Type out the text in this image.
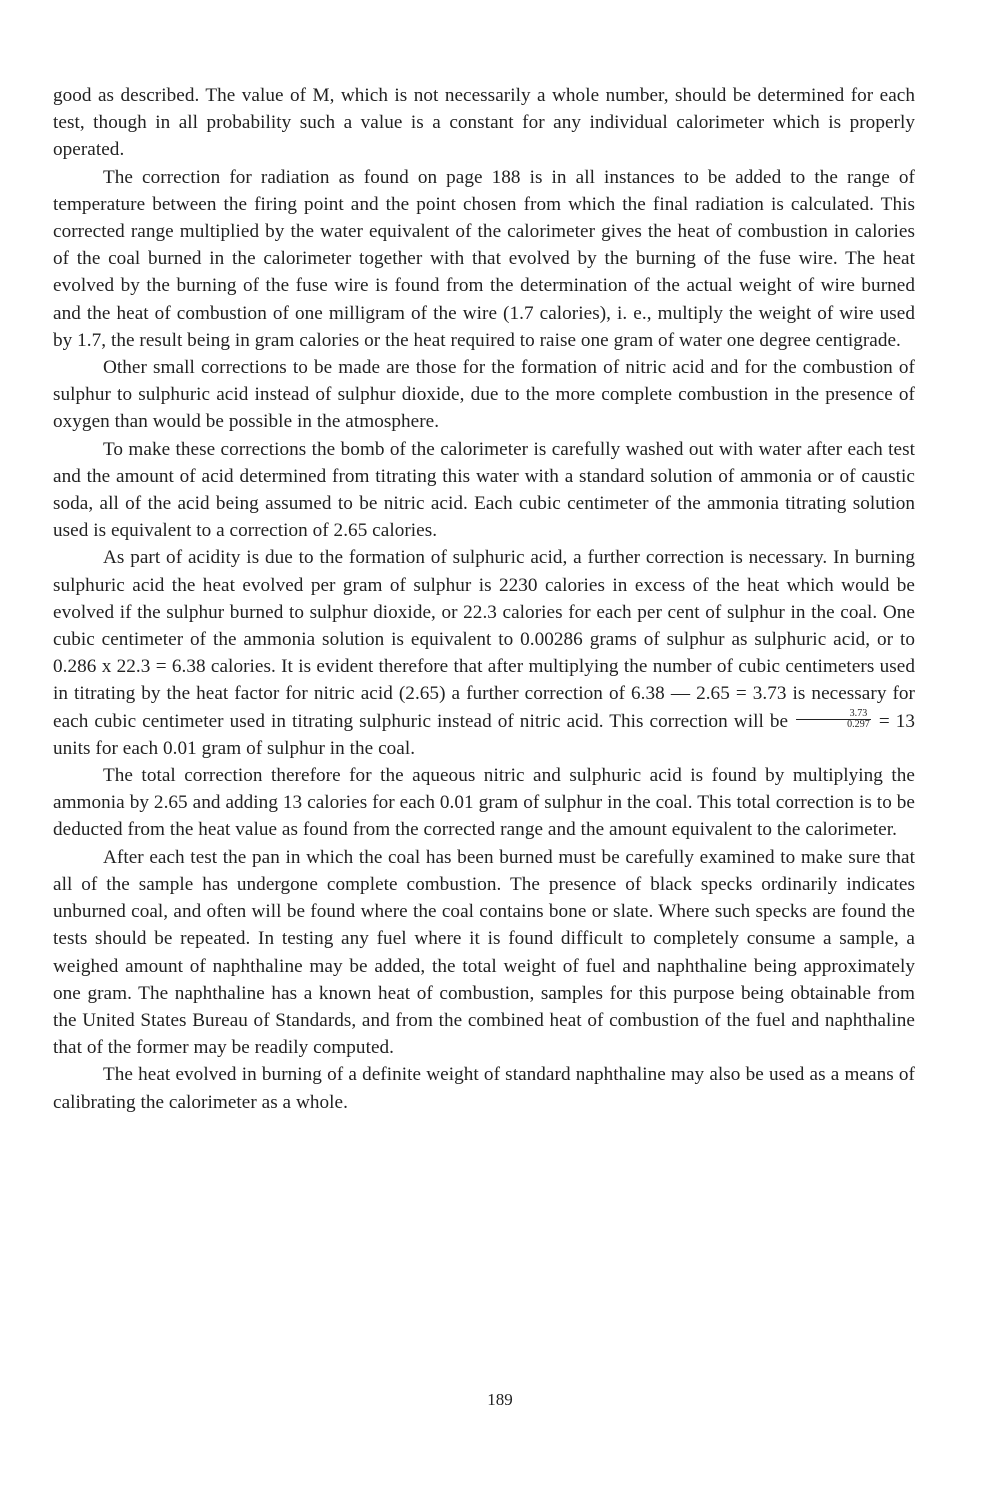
good as described. The value of M, which is not necessarily a whole number, should be determined for each test, though in all probability such a value is a constant for any individual calorimeter which is properly operated.

The correction for radiation as found on page 188 is in all instances to be added to the range of temperature between the firing point and the point chosen from which the final radiation is calculated. This corrected range multiplied by the water equivalent of the calorimeter gives the heat of combustion in calories of the coal burned in the calorimeter together with that evolved by the burning of the fuse wire. The heat evolved by the burning of the fuse wire is found from the determination of the actual weight of wire burned and the heat of combustion of one milligram of the wire (1.7 calories), i. e., multiply the weight of wire used by 1.7, the result being in gram calories or the heat required to raise one gram of water one degree centigrade.

Other small corrections to be made are those for the formation of nitric acid and for the combustion of sulphur to sulphuric acid instead of sulphur dioxide, due to the more complete combustion in the presence of oxygen than would be possible in the atmosphere.

To make these corrections the bomb of the calorimeter is carefully washed out with water after each test and the amount of acid determined from titrating this water with a standard solution of ammonia or of caustic soda, all of the acid being assumed to be nitric acid. Each cubic centimeter of the ammonia titrating solution used is equivalent to a correction of 2.65 calories.

As part of acidity is due to the formation of sulphuric acid, a further correction is necessary. In burning sulphuric acid the heat evolved per gram of sulphur is 2230 calories in excess of the heat which would be evolved if the sulphur burned to sulphur dioxide, or 22.3 calories for each per cent of sulphur in the coal. One cubic centimeter of the ammonia solution is equivalent to 0.00286 grams of sulphur as sulphuric acid, or to 0.286 x 22.3 = 6.38 calories. It is evident therefore that after multiplying the number of cubic centimeters used in titrating by the heat factor for nitric acid (2.65) a further correction of 6.38 — 2.65 = 3.73 is necessary for each cubic centimeter used in titrating sulphuric instead of nitric acid. This correction will be $\frac{3.73}{0.297} = 13$ units for each 0.01 gram of sulphur in the coal.

The total correction therefore for the aqueous nitric and sulphuric acid is found by multiplying the ammonia by 2.65 and adding 13 calories for each 0.01 gram of sulphur in the coal. This total correction is to be deducted from the heat value as found from the corrected range and the amount equivalent to the calorimeter.

After each test the pan in which the coal has been burned must be carefully examined to make sure that all of the sample has undergone complete combustion. The presence of black specks ordinarily indicates unburned coal, and often will be found where the coal contains bone or slate. Where such specks are found the tests should be repeated. In testing any fuel where it is found difficult to completely consume a sample, a weighed amount of naphthaline may be added, the total weight of fuel and naphthaline being approximately one gram. The naphthaline has a known heat of combustion, samples for this purpose being obtainable from the United States Bureau of Standards, and from the combined heat of combustion of the fuel and naphthaline that of the former may be readily computed.

The heat evolved in burning of a definite weight of standard naphthaline may also be used as a means of calibrating the calorimeter as a whole.

189
